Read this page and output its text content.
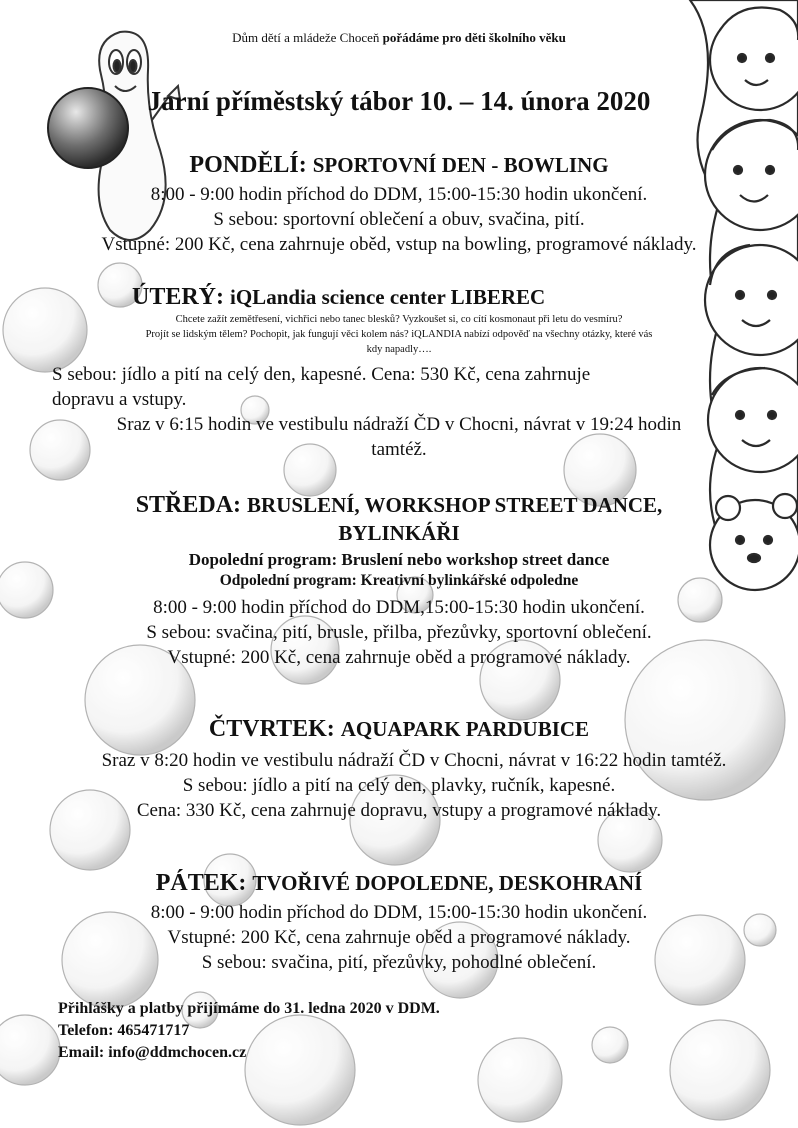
Dům dětí a mládeže Choceň pořádáme pro děti školního věku
Jarní příměstský tábor 10. – 14. února 2020
PONDĚLÍ: SPORTOVNÍ DEN - BOWLING
8:00 - 9:00 hodin příchod do DDM, 15:00-15:30 hodin ukončení.
S sebou: sportovní oblečení a obuv, svačina, pití.
Vstupné: 200 Kč, cena zahrnuje oběd, vstup na bowling, programové náklady.
ÚTERÝ: iQLandia science center LIBEREC
Chcete zažít zemětřesení, vichřici nebo tanec blesků? Vyzkoušet si, co cítí kosmonaut při letu do vesmíru?
Projít se lidským tělem? Pochopit, jak fungují věci kolem nás? iQLANDIA nabízí odpověď na všechny otázky, které vás
kdy napadly….
S sebou: jídlo a pití na celý den, kapesné. Cena: 530 Kč, cena zahrnuje
dopravu a vstupy.
Sraz v 6:15 hodin ve vestibulu nádraží ČD v Chocni, návrat v 19:24 hodin
tamtéž.
STŘEDA: BRUSLENÍ, WORKSHOP STREET DANCE,
BYLINKÁŘI
Dopolední program: Bruslení nebo workshop street dance
Odpolední program: Kreativní bylinkářské odpoledne
8:00 - 9:00 hodin příchod do DDM,15:00-15:30 hodin ukončení.
S sebou: svačina, pití, brusle, přilba, přezůvky, sportovní oblečení.
Vstupné: 200 Kč, cena zahrnuje oběd a programové náklady.
ČTVRTEK: AQUAPARK PARDUBICE
Sraz v 8:20 hodin ve vestibulu nádraží ČD v Chocni, návrat v 16:22 hodin tamtéž.
S sebou: jídlo a pití na celý den, plavky, ručník, kapesné.
Cena: 330 Kč, cena zahrnuje dopravu, vstupy a programové náklady.
PÁTEK: TVOŘIVÉ DOPOLEDNE, DESKOHRANÍ
8:00 - 9:00 hodin příchod do DDM, 15:00-15:30 hodin ukončení.
Vstupné: 200 Kč, cena zahrnuje oběd a programové náklady.
S sebou: svačina, pití, přezůvky, pohodlné oblečení.
Přihlášky a platby přijímáme do 31. ledna 2020 v DDM.
Telefon: 465471717
Email: info@ddmchocen.cz
